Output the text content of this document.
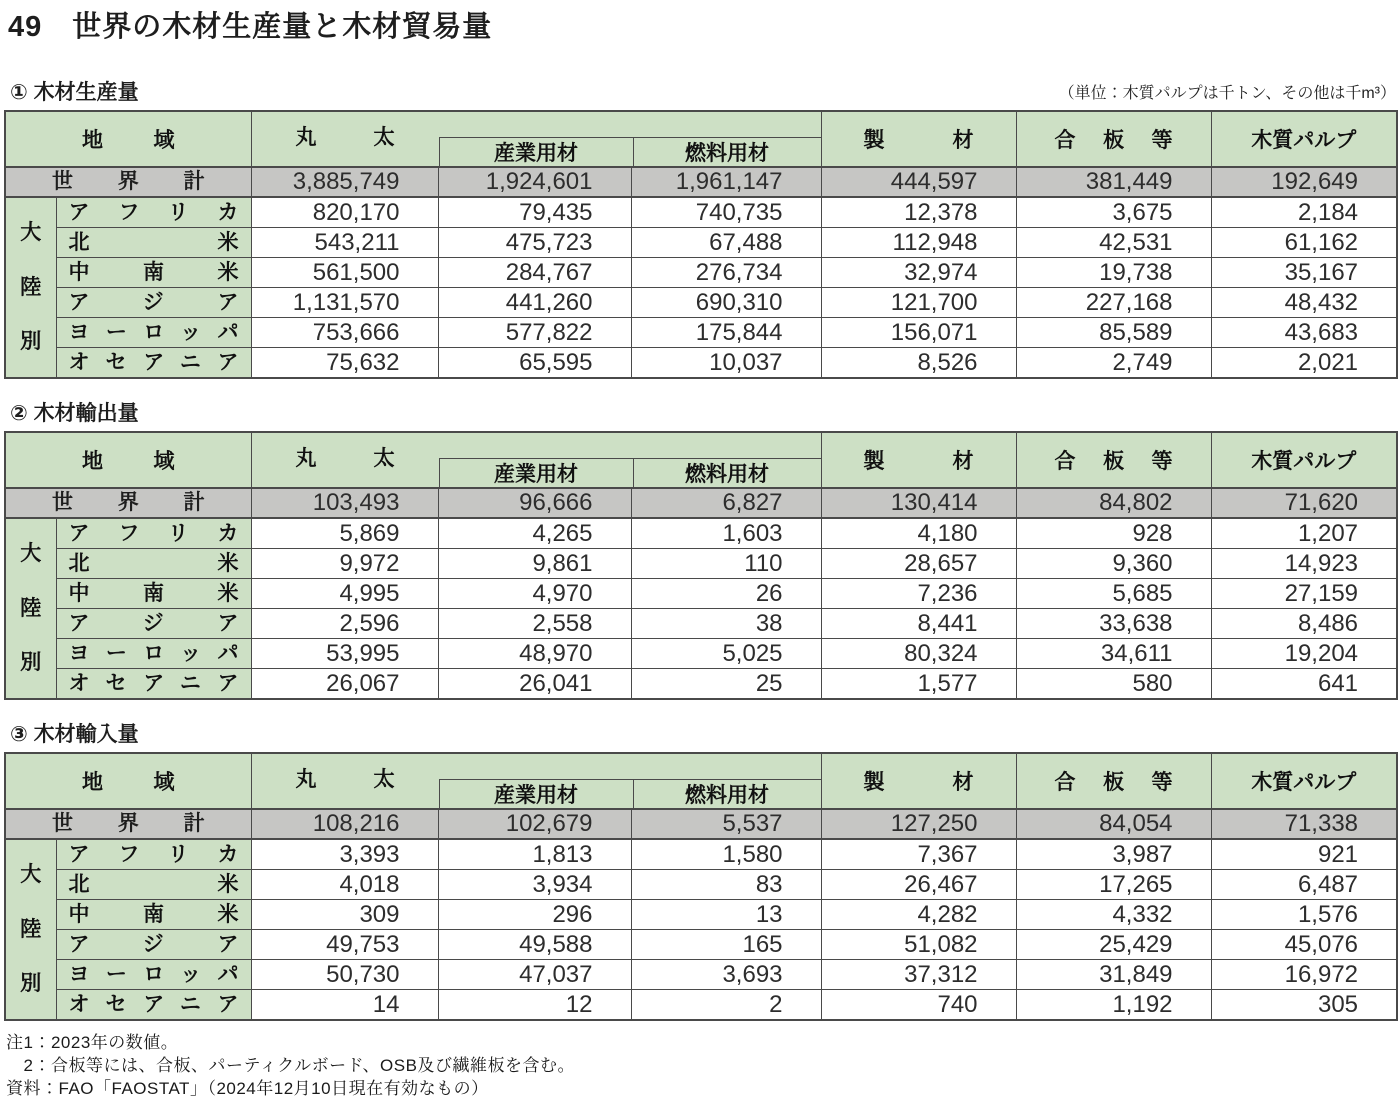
49　世界の木材生産量と木材貿易量
① 木材生産量	（単位：木質パルプは千トン、その他は千m³）
地域		丸太
産業用材 燃料用材			製材	合板等	木質パルプ
世界計		3,885,749	1,924,601	1,961,147	444,597	381,449	192,649

大
陸
別	アフリカ	820,170	79,435	740,735	12,378	3,675	2,184
	北米	543,211	475,723	67,488	112,948	42,531	61,162
	中南米	561,500	284,767	276,734	32,974	19,738	35,167
	アジア	1,131,570	441,260	690,310	121,700	227,168	48,432
	ヨーロッパ	753,666	577,822	175,844	156,071	85,589	43,683
	オセアニア	75,632	65,595	10,037	8,526	2,749	2,021
② 木材輸出量
地域		丸太
産業用材 燃料用材			製材	合板等	木質パルプ
世界計		103,493	96,666	6,827	130,414	84,802	71,620

大
陸
別	アフリカ	5,869	4,265	1,603	4,180	928	1,207
	北米	9,972	9,861	110	28,657	9,360	14,923
	中南米	4,995	4,970	26	7,236	5,685	27,159
	アジア	2,596	2,558	38	8,441	33,638	8,486
	ヨーロッパ	53,995	48,970	5,025	80,324	34,611	19,204
	オセアニア	26,067	26,041	25	1,577	580	641
③ 木材輸入量
地域		丸太
産業用材 燃料用材			製材	合板等	木質パルプ
世界計		108,216	102,679	5,537	127,250	84,054	71,338

大
陸
別	アフリカ	3,393	1,813	1,580	7,367	3,987	921
	北米	4,018	3,934	83	26,467	17,265	6,487
	中南米	309	296	13	4,282	4,332	1,576
	アジア	49,753	49,588	165	51,082	25,429	45,076
	ヨーロッパ	50,730	47,037	3,693	37,312	31,849	16,972
	オセアニア	14	12	2	740	1,192	305
注1：2023年の数値。
　2：合板等には、合板、パーティクルボード、OSB及び繊維板を含む。
資料：FAO「FAOSTAT」（2024年12月10日現在有効なもの）
